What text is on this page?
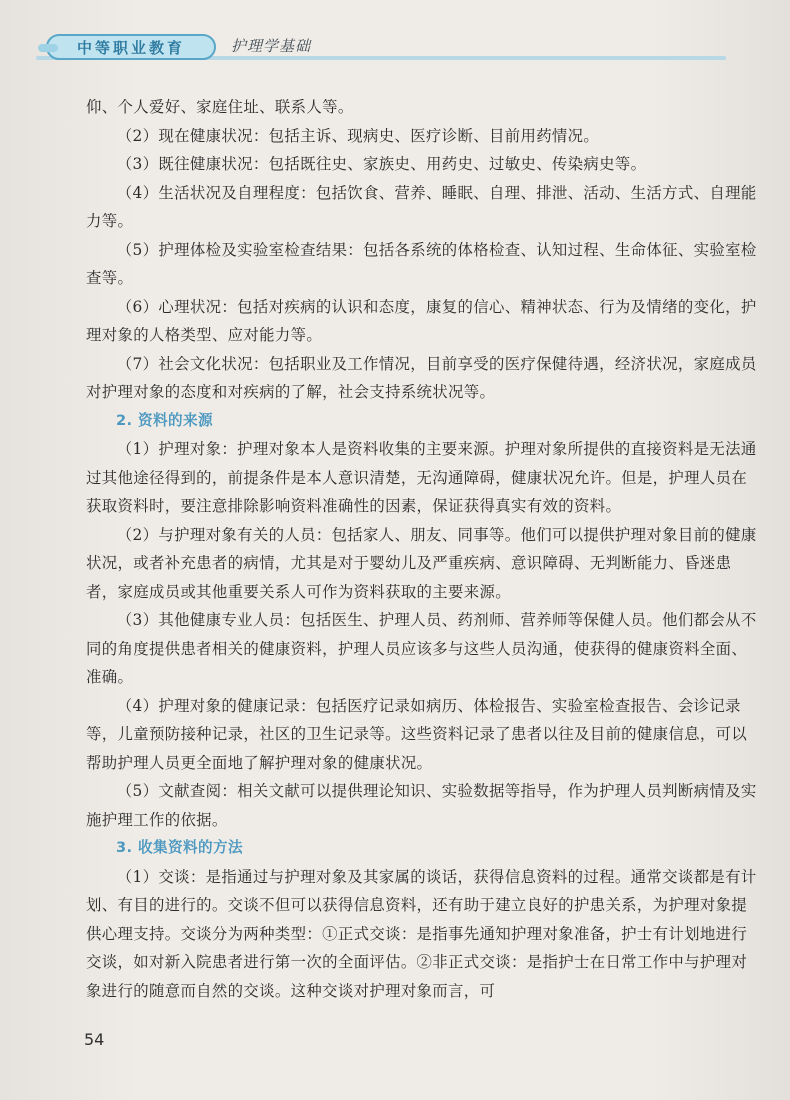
中等职业教育	护理学基础

仰、个人爱好、家庭住址、联系人等。

（2）现在健康状况：包括主诉、现病史、医疗诊断、目前用药情况。

（3）既往健康状况：包括既往史、家族史、用药史、过敏史、传染病史等。

（4）生活状况及自理程度：包括饮食、营养、睡眠、自理、排泄、活动、生活方式、自理能力等。

（5）护理体检及实验室检查结果：包括各系统的体格检查、认知过程、生命体征、实验室检查等。

（6）心理状况：包括对疾病的认识和态度，康复的信心、精神状态、行为及情绪的变化，护理对象的人格类型、应对能力等。

（7）社会文化状况：包括职业及工作情况，目前享受的医疗保健待遇，经济状况，家庭成员对护理对象的态度和对疾病的了解，社会支持系统状况等。

2. 资料的来源

（1）护理对象：护理对象本人是资料收集的主要来源。护理对象所提供的直接资料是无法通过其他途径得到的，前提条件是本人意识清楚，无沟通障碍，健康状况允许。但是，护理人员在获取资料时，要注意排除影响资料准确性的因素，保证获得真实有效的资料。

（2）与护理对象有关的人员：包括家人、朋友、同事等。他们可以提供护理对象目前的健康状况，或者补充患者的病情，尤其是对于婴幼儿及严重疾病、意识障碍、无判断能力、昏迷患者，家庭成员或其他重要关系人可作为资料获取的主要来源。

（3）其他健康专业人员：包括医生、护理人员、药剂师、营养师等保健人员。他们都会从不同的角度提供患者相关的健康资料，护理人员应该多与这些人员沟通，使获得的健康资料全面、准确。

（4）护理对象的健康记录：包括医疗记录如病历、体检报告、实验室检查报告、会诊记录等，儿童预防接种记录，社区的卫生记录等。这些资料记录了患者以往及目前的健康信息，可以帮助护理人员更全面地了解护理对象的健康状况。

（5）文献查阅：相关文献可以提供理论知识、实验数据等指导，作为护理人员判断病情及实施护理工作的依据。

3. 收集资料的方法

（1）交谈：是指通过与护理对象及其家属的谈话，获得信息资料的过程。通常交谈都是有计划、有目的进行的。交谈不但可以获得信息资料，还有助于建立良好的护患关系，为护理对象提供心理支持。交谈分为两种类型：①正式交谈：是指事先通知护理对象准备，护士有计划地进行交谈，如对新入院患者进行第一次的全面评估。②非正式交谈：是指护士在日常工作中与护理对象进行的随意而自然的交谈。这种交谈对护理对象而言，可

54
